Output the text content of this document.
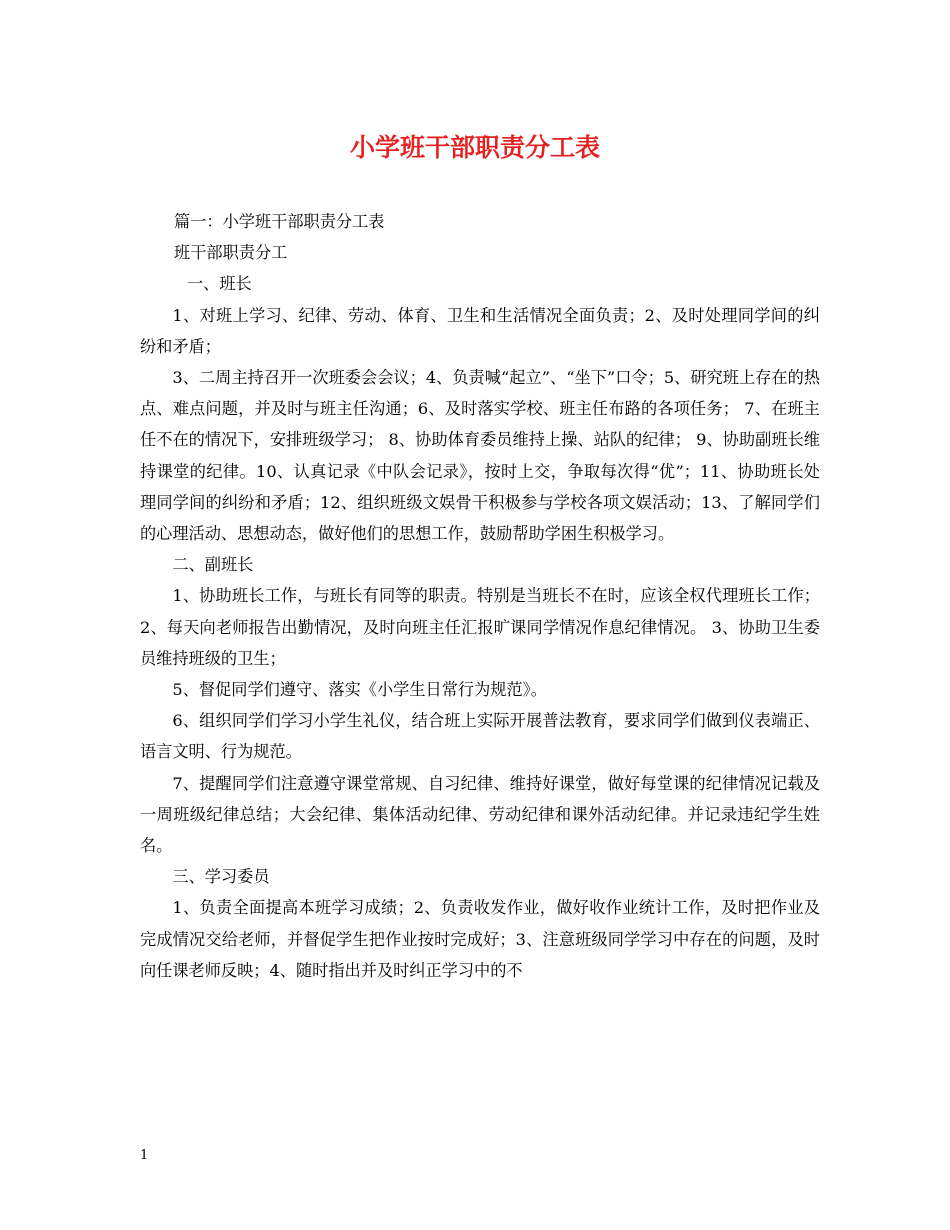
小学班干部职责分工表

篇一：小学班干部职责分工表

班干部职责分工

一、班长

1、对班上学习、纪律、劳动、体育、卫生和生活情况全面负责；2、及时处理同学间的纠纷和矛盾；

3、二周主持召开一次班委会会议；4、负责喊“起立”、“坐下”口令；5、研究班上存在的热点、难点问题，并及时与班主任沟通；6、及时落实学校、班主任布路的各项任务； 7、在班主任不在的情况下，安排班级学习； 8、协助体育委员维持上操、站队的纪律； 9、协助副班长维持课堂的纪律。10、认真记录《中队会记录》，按时上交，争取每次得“优”；11、协助班长处理同学间的纠纷和矛盾；12、组织班级文娱骨干积极参与学校各项文娱活动；13、了解同学们的心理活动、思想动态，做好他们的思想工作，鼓励帮助学困生积极学习。

二、副班长

1、协助班长工作，与班长有同等的职责。特别是当班长不在时，应该全权代理班长工作； 2、每天向老师报告出勤情况，及时向班主任汇报旷课同学情况作息纪律情况。 3、协助卫生委员维持班级的卫生；

5、督促同学们遵守、落实《小学生日常行为规范》。

6、组织同学们学习小学生礼仪，结合班上实际开展普法教育，要求同学们做到仪表端正、语言文明、行为规范。

7、提醒同学们注意遵守课堂常规、自习纪律、维持好课堂，做好每堂课的纪律情况记载及一周班级纪律总结；大会纪律、集体活动纪律、劳动纪律和课外活动纪律。并记录违纪学生姓名。

三、学习委员

1、负责全面提高本班学习成绩；2、负责收发作业，做好收作业统计工作，及时把作业及完成情况交给老师，并督促学生把作业按时完成好；3、注意班级同学学习中存在的问题，及时向任课老师反映；4、随时指出并及时纠正学习中的不

1
